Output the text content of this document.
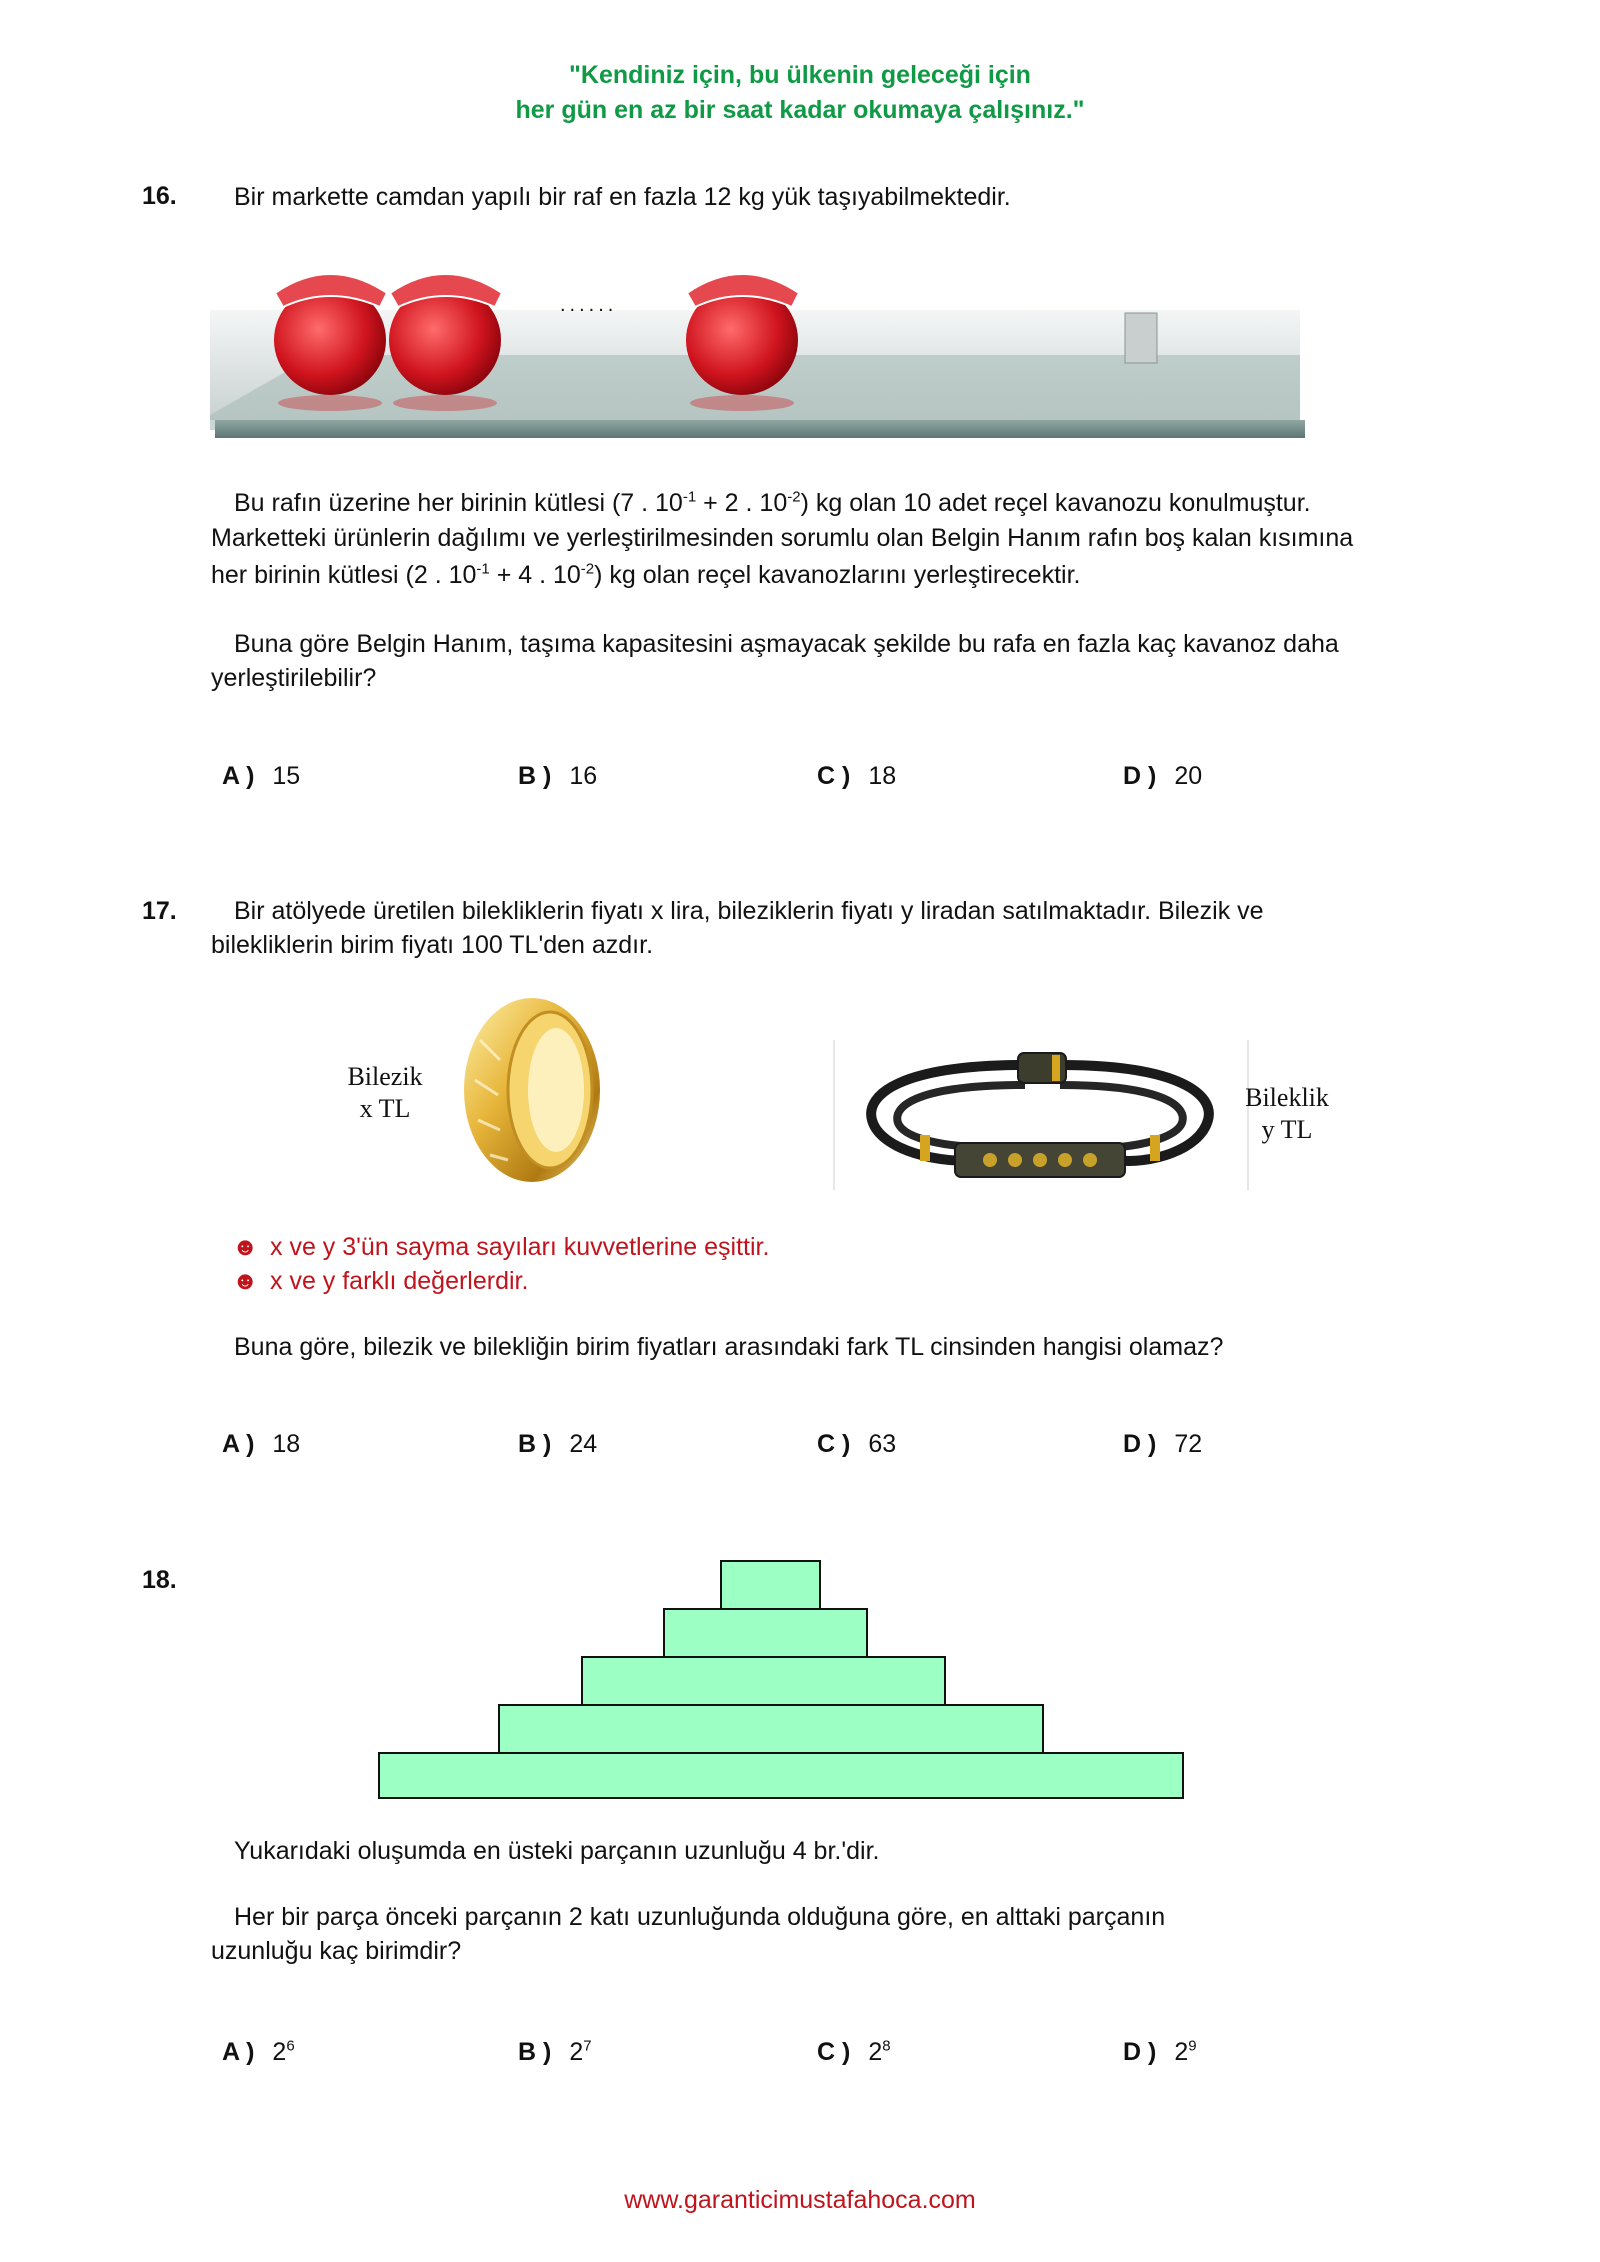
"Kendiniz için, bu ülkenin geleceği için
her gün en az bir saat kadar okumaya çalışınız."
16. Bir markette camdan yapılı bir raf en fazla 12 kg yük taşıyabilmektedir.
......
Bu rafın üzerine her birinin kütlesi (7 . $10^{-1} + 2$ . $10^{-2}$) kg olan 10 adet reçel kavanozu konulmuştur.
Marketteki ürünlerin dağılımı ve yerleştirilmesinden sorumlu olan Belgin Hanım rafın boş kalan kısımına
her birinin kütlesi (2 . $10^{-1} + 4$ . $10^{-2}$) kg olan reçel kavanozlarını yerleştirecektir.
Buna göre Belgin Hanım, taşıma kapasitesini aşmayacak şekilde bu rafa en fazla kaç kavanoz daha
yerleştirilebilir?
A ) 15	B ) 16	C ) 18	D ) 20
17. Bir atölyede üretilen bilekliklerin fiyatı x lira, bileziklerin fiyatı y liradan satılmaktadır. Bilezik ve
bilekliklerin birim fiyatı 100 TL'den azdır.
Bilezik
x TL	Bileklik
y TL
☻ x ve y 3'ün sayma sayıları kuvvetlerine eşittir.
☻ x ve y farklı değerlerdir.
Buna göre, bilezik ve bilekliğin birim fiyatları arasındaki fark TL cinsinden hangisi olamaz?
A ) 18	B ) 24	C ) 63	D ) 72
18.
Yukarıdaki oluşumda en üsteki parçanın uzunluğu 4 br.'dir.
Her bir parça önceki parçanın 2 katı uzunluğunda olduğuna göre, en alttaki parçanın
uzunluğu kaç birimdir?
A ) $2^6$	B ) $2^7$	C ) $2^8$	D ) $2^9$
www.garanticimustafahoca.com
